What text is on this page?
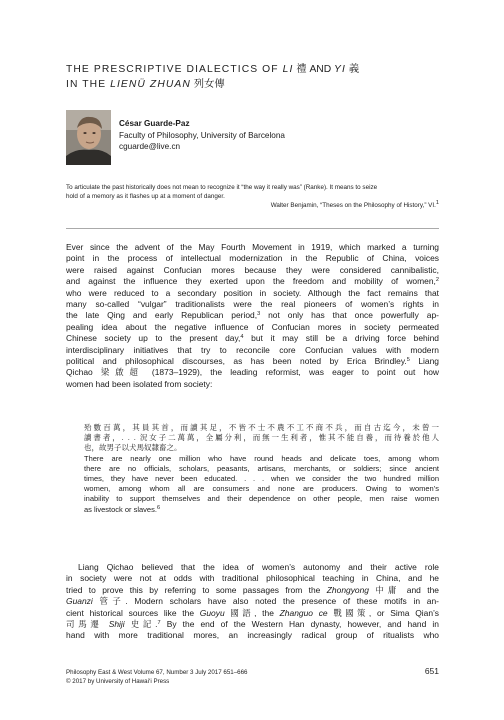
THE PRESCRIPTIVE DIALECTICS OF LI 禮 AND YI 義
IN THE LIENÜ ZHUAN 列女傳
César Guarde-Paz
Faculty of Philosophy, University of Barcelona
cguarde@live.cn
To articulate the past historically does not mean to recognize it “the way it really was” (Ranke). It means to seize
hold of a memory as it flashes up at a moment of danger.
Walter Benjamin, “Theses on the Philosophy of History,” VI.$^1$
Ever since the advent of the May Fourth Movement in 1919, which marked a turning
point in the process of intellectual modernization in the Republic of China, voices
were raised against Confucian mores because they were considered cannibalistic,
and against the influence they exerted upon the freedom and mobility of women,$^2$
who were reduced to a secondary position in society. Although the fact remains that
many so-called “vulgar” traditionalists were the real pioneers of women’s rights in
the late Qing and early Republican period,$^3$ not only has that once powerfully ap-
pealing idea about the negative influence of Confucian mores in society permeated
Chinese society up to the present day,$^4$ but it may still be a driving force behind
interdisciplinary initiatives that try to reconcile core Confucian values with modern
political and philosophical discourses, as has been noted by Erica Brindley.$^5$ Liang
Qichao 梁啟超 (1873–1929), the leading reformist, was eager to point out how
women had been isolated from society:
殆數百萬，其員其首，而讀其足，不皆不士不農不工不商不兵，而自古迄今，未曾一
讀書者，. . . 況女子二萬萬，全屬分利，而無一生利者，惟其不能自養，而待養於他人
也，故男子以犬馬奴隸畜之。
There are nearly one million who have round heads and delicate toes, among whom
there are no officials, scholars, peasants, artisans, merchants, or soldiers; since ancient
times, they have never been educated. . . . when we consider the two hundred million
women, among whom all are consumers and none are producers. Owing to women’s
inability to support themselves and their dependence on other people, men raise women
as livestock or slaves.$^6$
Liang Qichao believed that the idea of women’s autonomy and their active role
in society were not at odds with traditional philosophical teaching in China, and he
tried to prove this by referring to some passages from the Zhongyong 中庸 and the
Guanzi 管子. Modern scholars have also noted the presence of these motifs in an-
cient historical sources like the Guoyu 國語, the Zhanguo ce 戰國策, or Sima Qian’s
司馬遷 Shiji 史記.$^7$ By the end of the Western Han dynasty, however, and hand in
hand with more traditional mores, an increasingly radical group of ritualists who
Philosophy East & West Volume 67, Number 3 July 2017 651–666
© 2017 by University of Hawai‘i Press
651
